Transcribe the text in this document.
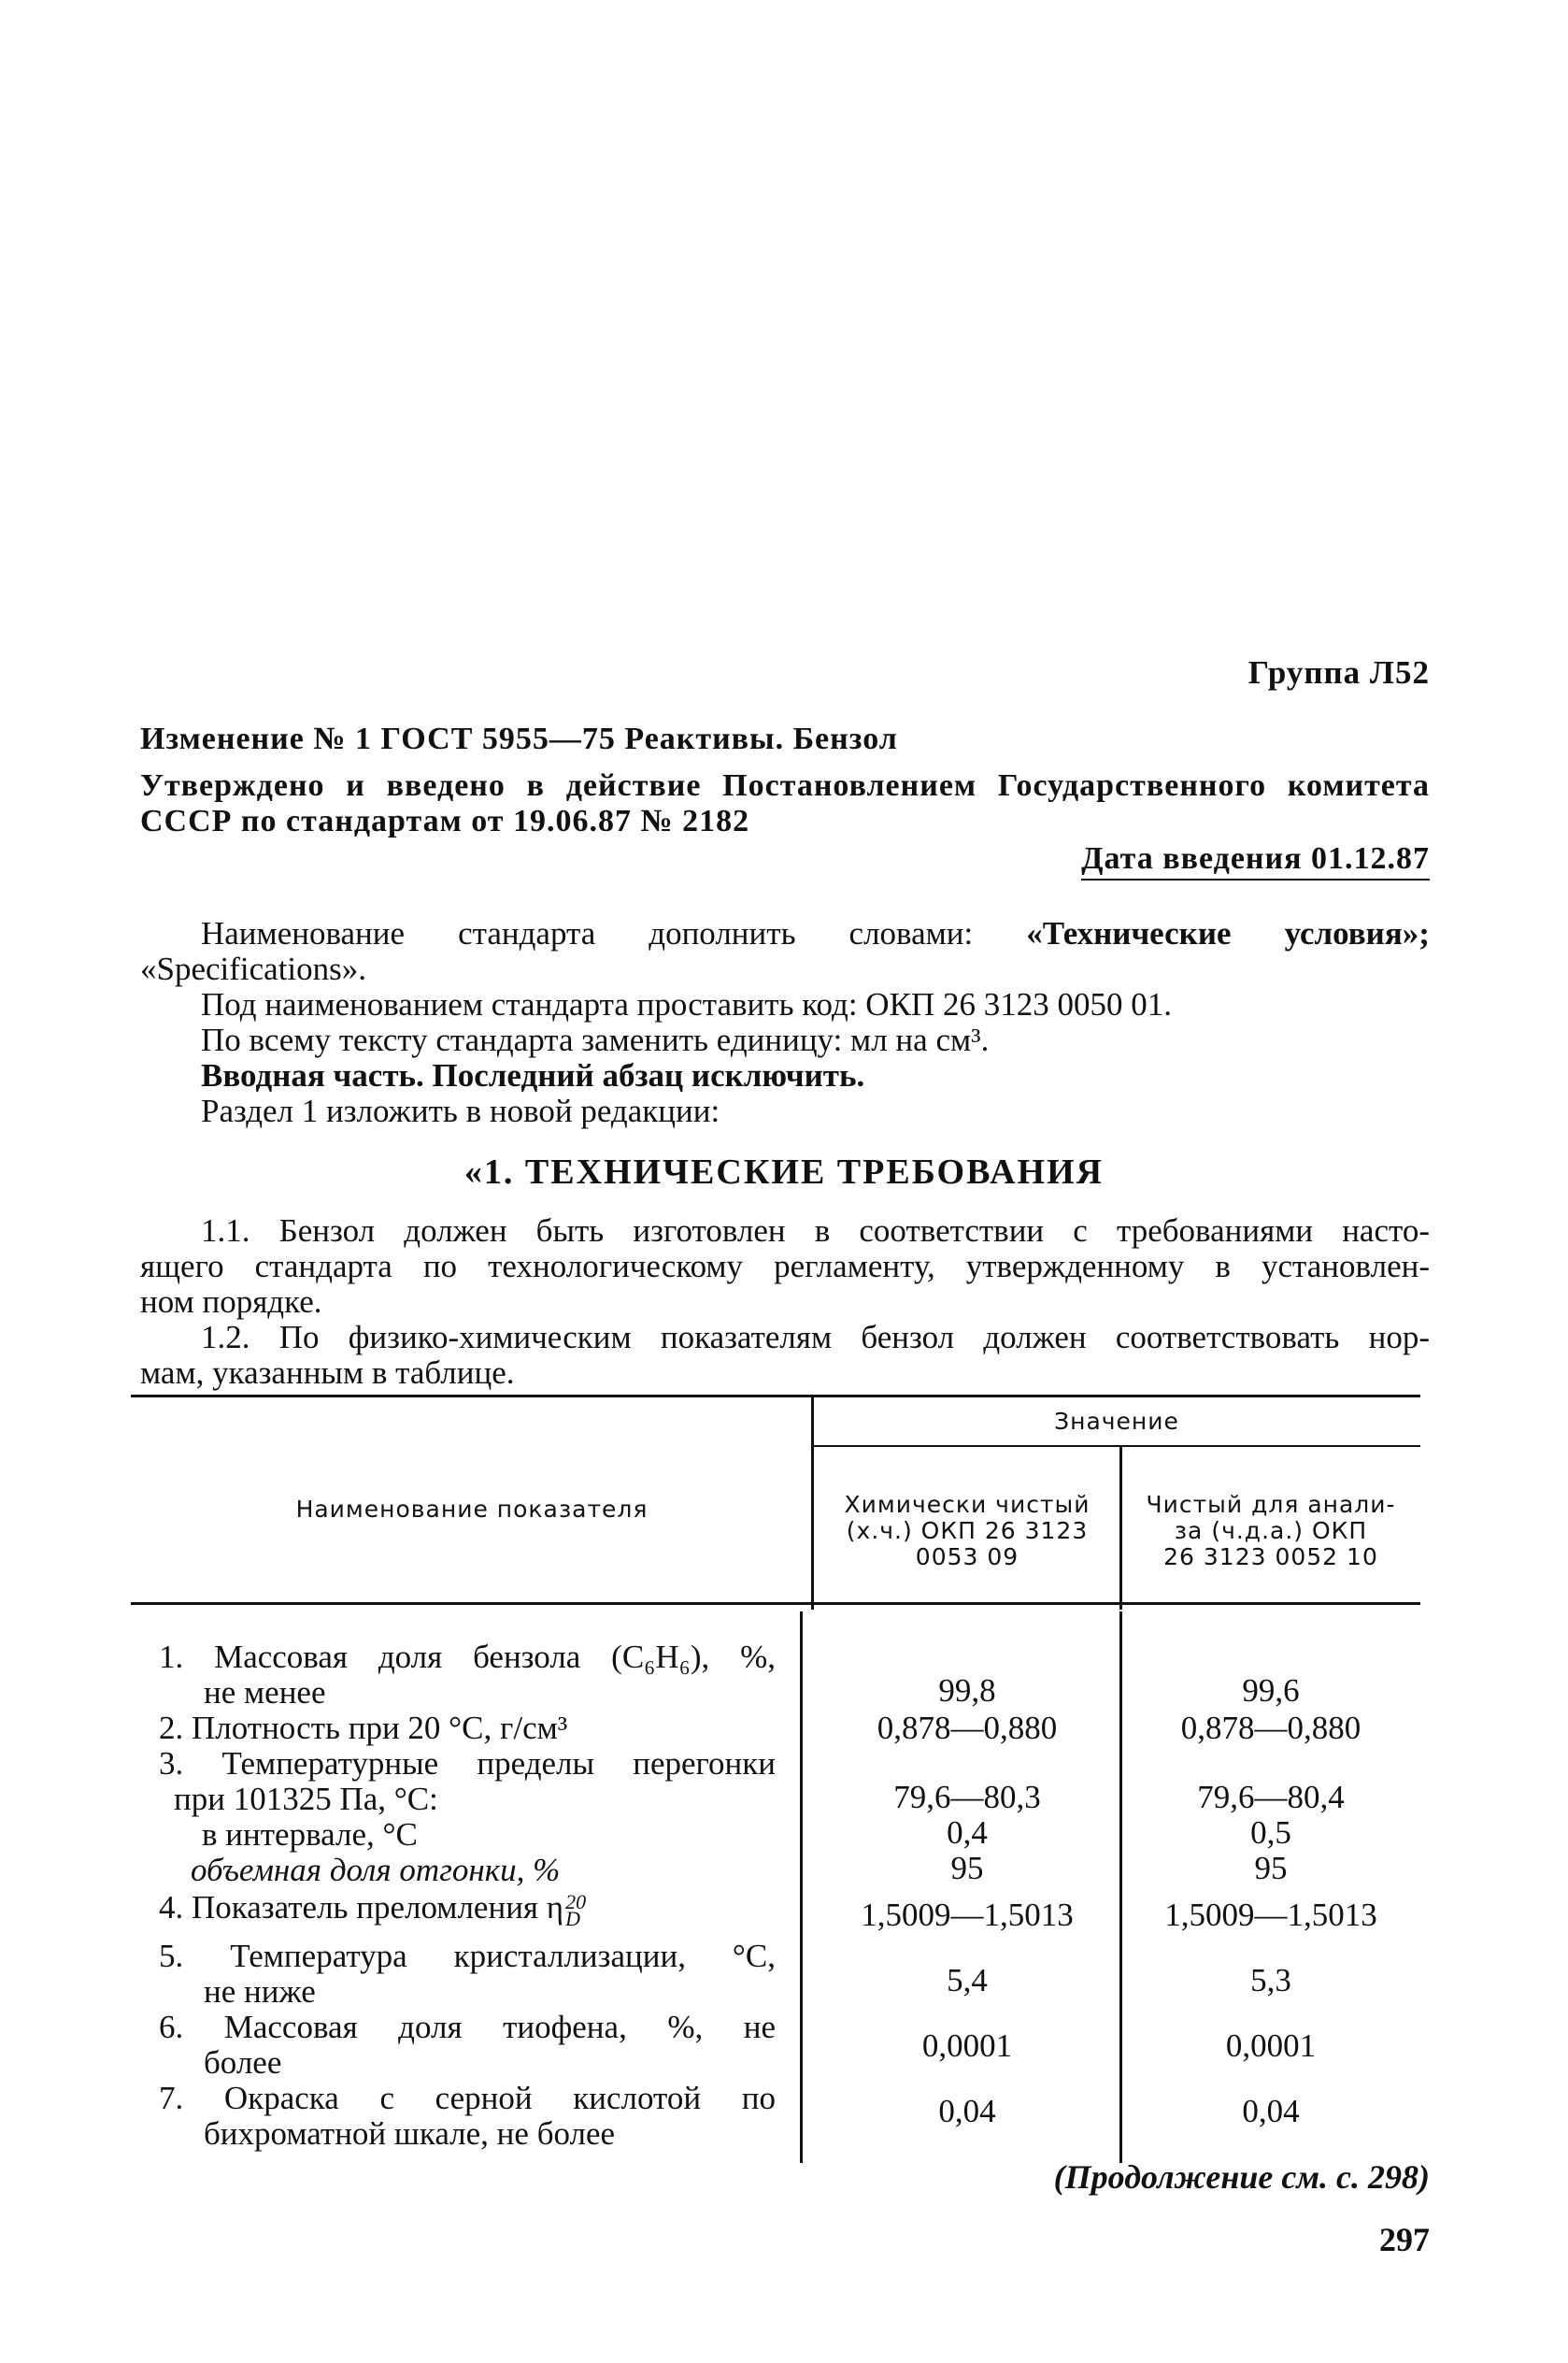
Группа Л52
Изменение № 1 ГОСТ 5955—75 Реактивы. Бензол
Утверждено и введено в действие Постановлением Государственного комитета
СССР по стандартам от 19.06.87 № 2182
Дата введения 01.12.87
Наименование стандарта дополнить словами: «Технические условия»;
«Specifications».
Под наименованием стандарта проставить код: ОКП 26 3123 0050 01.
По всему тексту стандарта заменить единицу: мл на см³.
Вводная часть. Последний абзац исключить.
Раздел 1 изложить в новой редакции:
«1. ТЕХНИЧЕСКИЕ ТРЕБОВАНИЯ
1.1. Бензол должен быть изготовлен в соответствии с требованиями насто-
ящего стандарта по технологическому регламенту, утвержденному в установлен-
ном порядке.
1.2. По физико-химическим показателям бензол должен соответствовать нор-
мам, указанным в таблице.
Значение
Наименование показателя	Химически чистый
(х.ч.) ОКП 26 3123
0053 09
Чистый для анали-
за (ч.д.а.) ОКП
26 3123 0052 10
1. Массовая доля бензола (C₆H₆), %,
не менее
2. Плотность при 20 °С, г/см³
3. Температурные пределы перегонки
при 101325 Па, °С:
в интервале, °С
объемная доля отгонки, %
4. Показатель преломления η 20
D
5. Температура кристаллизации, °С,
не ниже
6. Массовая доля тиофена, %, не
более
7. Окраска с серной кислотой по
бихроматной шкале, не более
99,8
0,878—0,880
79,6—80,3
0,4
95
1,5009—1,5013
5,4
0,0001
0,04
99,6
0,878—0,880
79,6—80,4
0,5
95
1,5009—1,5013
5,3
0,0001
0,04
(Продолжение см. с. 298)
297
